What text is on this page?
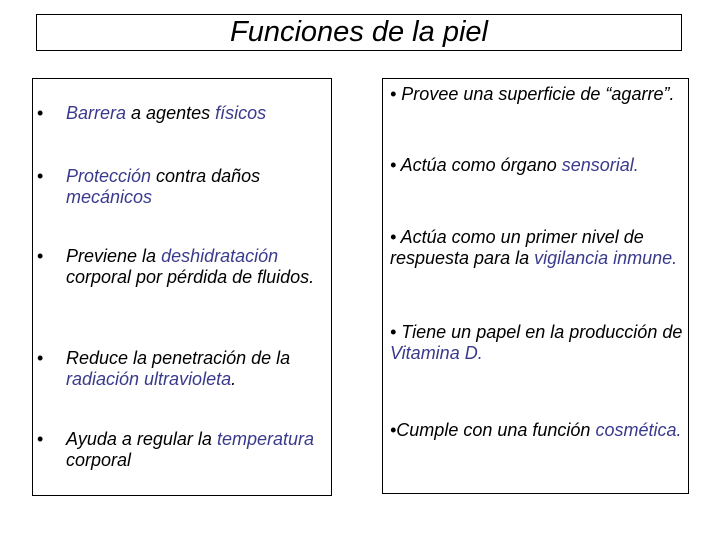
Funciones de la piel
• Barrera a agentes físicos
• Protección contra daños mecánicos
• Previene la deshidratación corporal por pérdida de fluidos.
• Reduce la penetración de la radiación ultravioleta.
• Ayuda a regular la temperatura corporal
• Provee una superficie de “agarre”.
• Actúa como órgano sensorial.
• Actúa como un primer nivel de respuesta para la vigilancia inmune.
• Tiene un papel en la producción de Vitamina D.
•Cumple con una función cosmética.
